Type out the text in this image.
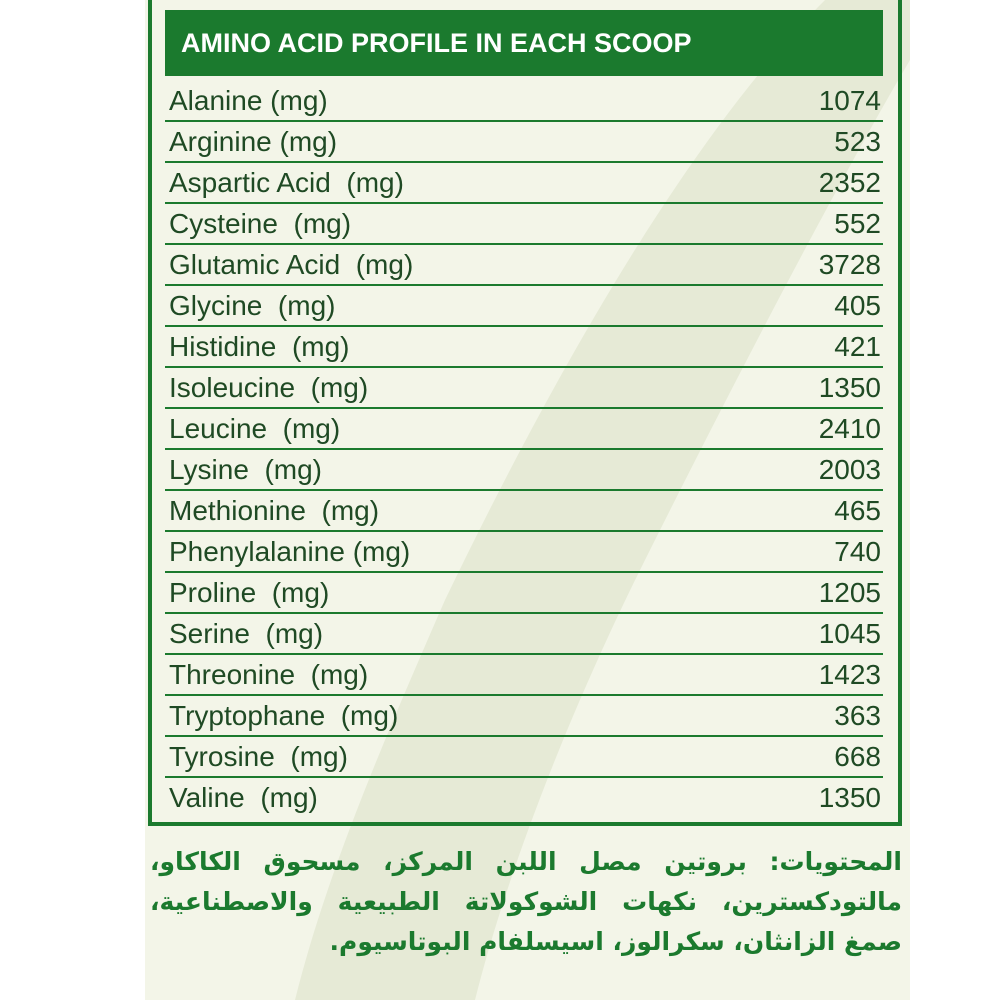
AMINO ACID PROFILE IN EACH SCOOP
Alanine (mg)	1074
Arginine (mg)	523
Aspartic Acid  (mg)	2352
Cysteine  (mg)	552
Glutamic Acid  (mg)	3728
Glycine  (mg)	405
Histidine  (mg)	421
Isoleucine  (mg)	1350
Leucine  (mg)	2410
Lysine  (mg)	2003
Methionine  (mg)	465
Phenylalanine (mg)	740
Proline  (mg)	1205
Serine  (mg)	1045
Threonine  (mg)	1423
Tryptophane  (mg)	363
Tyrosine  (mg)	668
Valine  (mg)	1350
المحتويات: بروتين مصل اللبن المركز، مسحوق الكاكاو، مالتودكسترين، نكهات الشوكولاتة الطبيعية والاصطناعية، صمغ الزانثان، سكرالوز، اسيسلفام البوتاسيوم.
